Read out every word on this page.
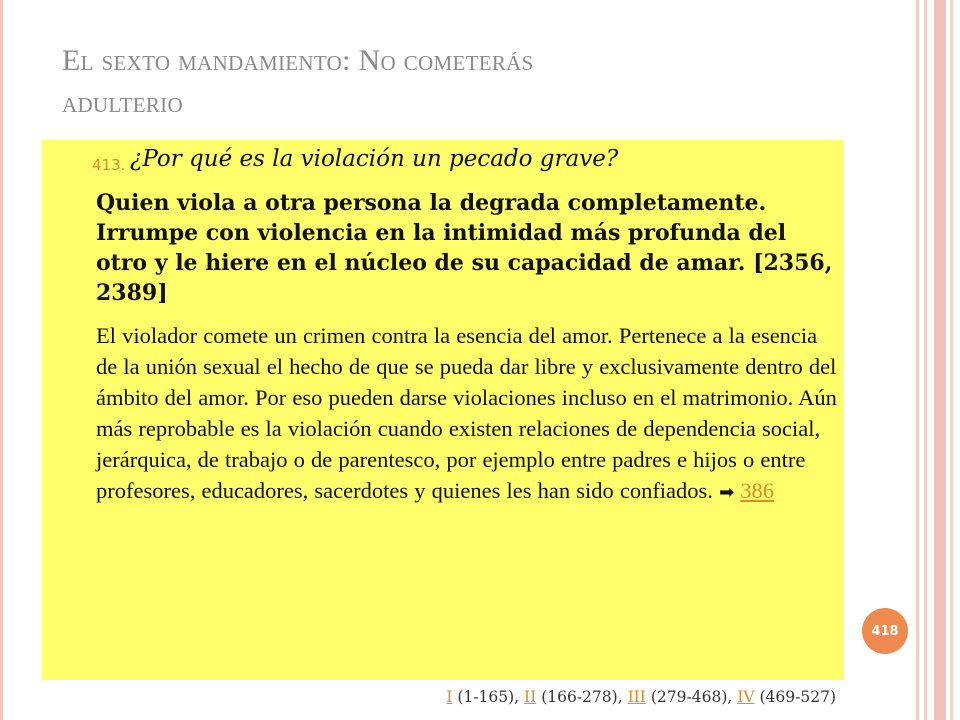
El sexto mandamiento: No cometerás
adulterio
413. ¿Por qué es la violación un pecado grave?
Quien viola a otra persona la degrada completamente. Irrumpe con violencia en la intimidad más profunda del otro y le hiere en el núcleo de su capacidad de amar. [2356, 2389]
El violador comete un crimen contra la esencia del amor. Pertenece a la esencia de la unión sexual el hecho de que se pueda dar libre y exclusivamente dentro del ámbito del amor. Por eso pueden darse violaciones incluso en el matrimonio. Aún más reprobable es la violación cuando existen relaciones de dependencia social, jerárquica, de trabajo o de parentesco, por ejemplo entre padres e hijos o entre profesores, educadores, sacerdotes y quienes les han sido confiados. ➡ 386
418
I (1-165), II (166-278), III (279-468), IV (469-527)
